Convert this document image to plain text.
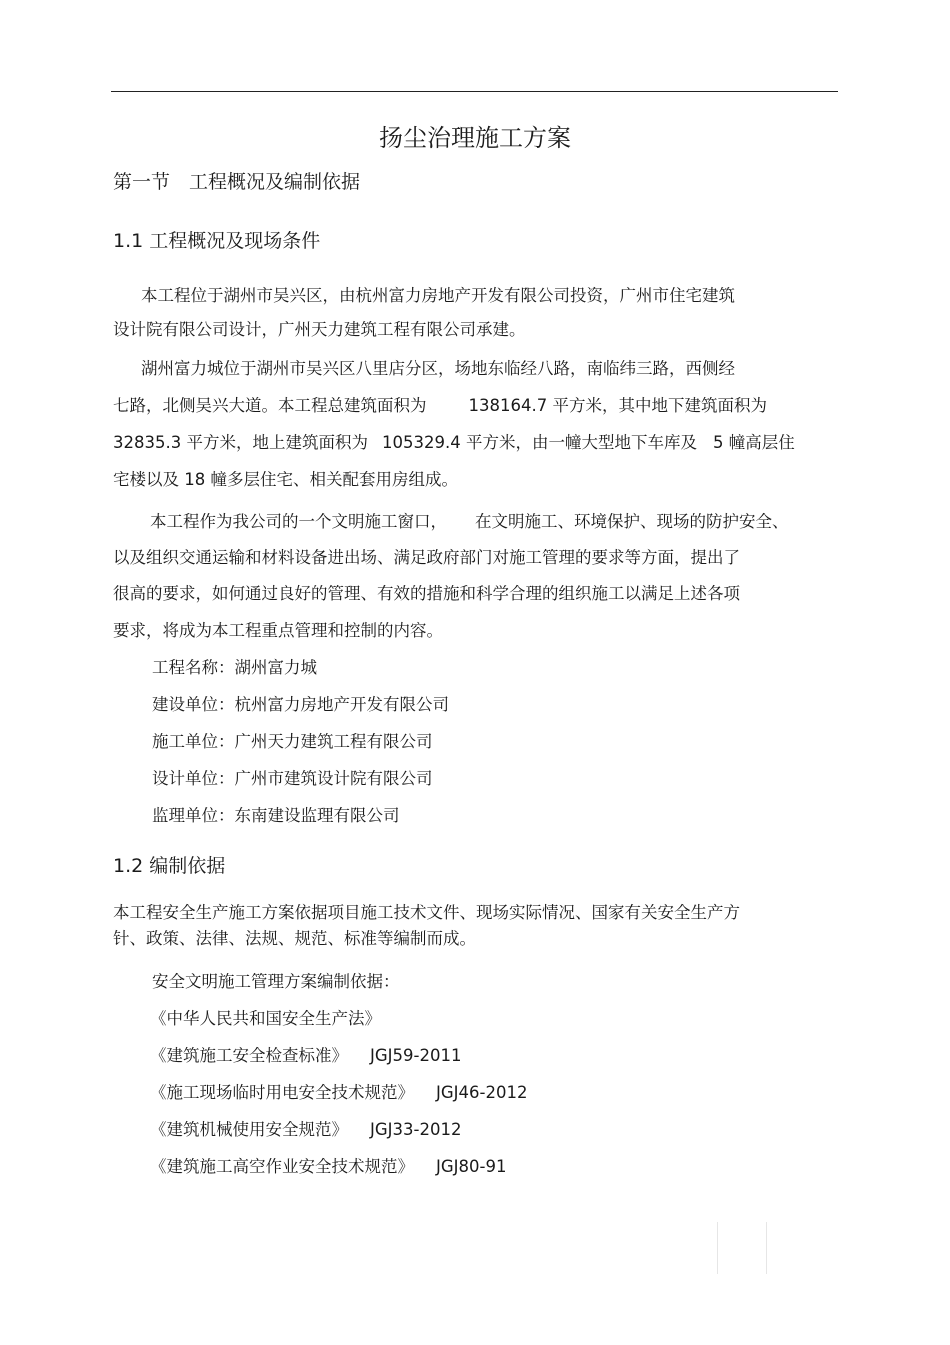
扬尘治理施工方案
第一节　工程概况及编制依据
1.1 工程概况及现场条件
本工程位于湖州市吴兴区，由杭州富力房地产开发有限公司投资，广州市住宅建筑
设计院有限公司设计，广州天力建筑工程有限公司承建。
湖州富力城位于湖州市吴兴区八里店分区，场地东临经八路，南临纬三路，西侧经
七路，北侧吴兴大道。本工程总建筑面积为	138164.7 平方米，其中地下建筑面积为
32835.3 平方米，地上建筑面积为 105329.4 平方米，由一幢大型地下车库及 5 幢高层住
宅楼以及 18 幢多层住宅、相关配套用房组成。
本工程作为我公司的一个文明施工窗口， 在文明施工、环境保护、现场的防护安全、
以及组织交通运输和材料设备进出场、满足政府部门对施工管理的要求等方面，提出了
很高的要求，如何通过良好的管理、有效的措施和科学合理的组织施工以满足上述各项
要求，将成为本工程重点管理和控制的内容。
工程名称：湖州富力城
建设单位：杭州富力房地产开发有限公司
施工单位：广州天力建筑工程有限公司
设计单位：广州市建筑设计院有限公司
监理单位：东南建设监理有限公司
1.2 编制依据
本工程安全生产施工方案依据项目施工技术文件、现场实际情况、国家有关安全生产方
针、政策、法律、法规、规范、标准等编制而成。
安全文明施工管理方案编制依据：
《中华人民共和国安全生产法》
《建筑施工安全检查标准》 JGJ59-2011
《施工现场临时用电安全技术规范》 JGJ46-2012
《建筑机械使用安全规范》 JGJ33-2012
《建筑施工高空作业安全技术规范》 JGJ80-91
